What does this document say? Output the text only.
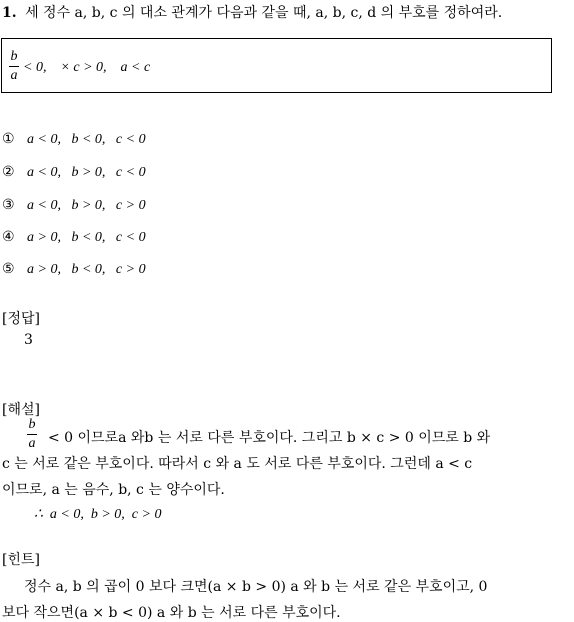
1. 세 정수 a, b, c 의 대소 관계가 다음과 같을 때, a, b, c, d 의 부호를 정하여라.
b
a
< 0,    × c > 0,    a < c
① a < 0,   b < 0,   c < 0
② a < 0,   b > 0,   c < 0
③ a < 0,   b > 0,   c > 0
④ a > 0,   b < 0,   c < 0
⑤ a > 0,   b < 0,   c > 0
[정답]
3
[해설]
b
a < 0 이므로a 와b 는 서로 다른 부호이다. 그리고 b × c > 0 이므로 b 와
c 는 서로 같은 부호이다. 따라서 c 와 a 도 서로 다른 부호이다. 그런데 a < c
이므로, a 는 음수, b, c 는 양수이다.
∴  a < 0,  b > 0,  c > 0
[힌트]
정수 a, b 의 곱이 0 보다 크면(a × b > 0) a 와 b 는 서로 같은 부호이고, 0
보다 작으면(a × b < 0) a 와 b 는 서로 다른 부호이다.
